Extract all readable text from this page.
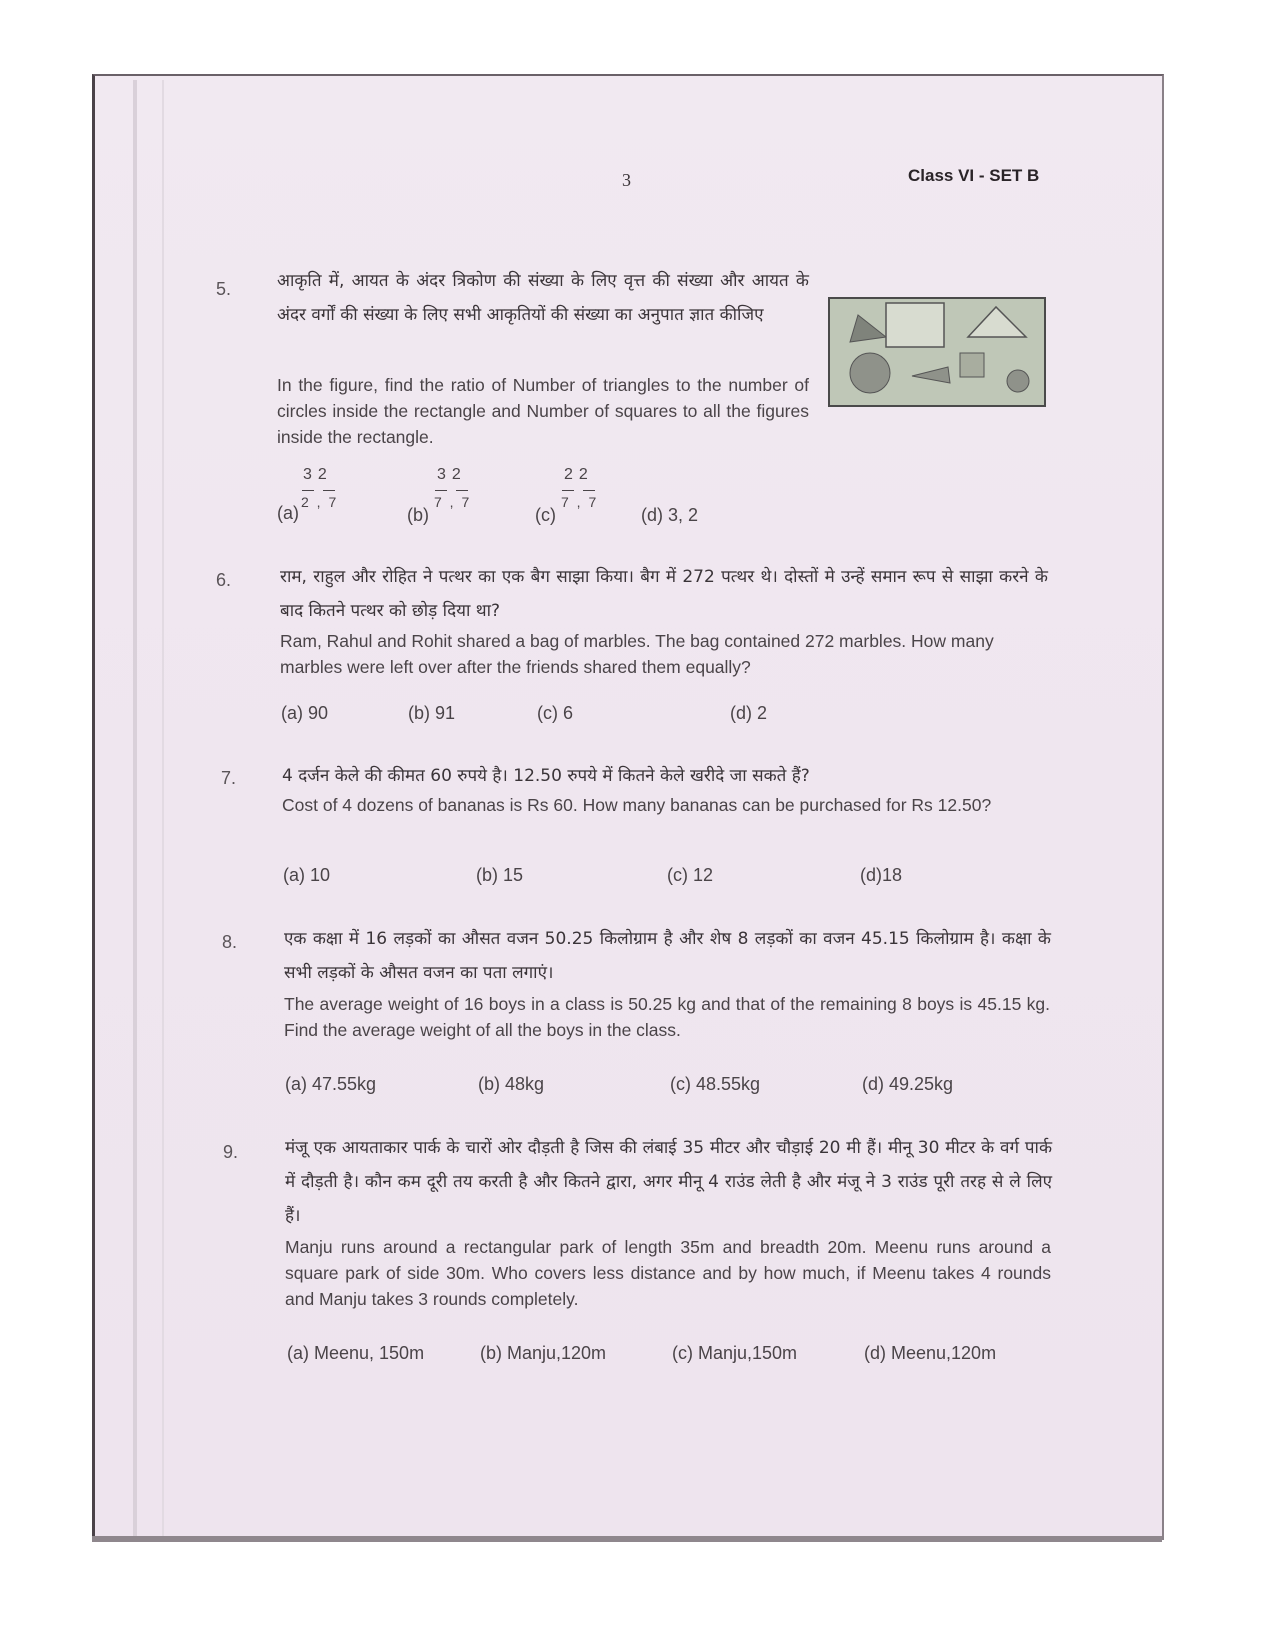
3	Class VI - SET B
5.	आकृति में, आयत के अंदर त्रिकोण की संख्या के लिए वृत्त की संख्या और आयत के अंदर वर्गों की संख्या के लिए सभी आकृतियों की संख्या का अनुपात ज्ञात कीजिए
In the figure, find the ratio of Number of triangles to the number of circles inside the rectangle and Number of squares to all the figures inside the rectangle.
(a)
32
2 , 7
(b)
32
7 , 7
(c)
22
7 , 7
(d) 3, 2
6.	राम, राहुल और रोहित ने पत्थर का एक बैग साझा किया। बैग में 272 पत्थर थे। दोस्तों मे उन्हें समान रूप से साझा करने के बाद कितने पत्थर को छोड़ दिया था?
Ram, Rahul and Rohit shared a bag of marbles. The bag contained 272 marbles. How many marbles were left over after the friends shared them equally?
(a) 90	(b) 91	(c) 6	(d) 2
7.	4 दर्जन केले की कीमत 60 रुपये है। 12.50 रुपये में कितने केले खरीदे जा सकते हैं?
Cost of 4 dozens of bananas is Rs 60. How many bananas can be purchased for Rs 12.50?
(a) 10	(b) 15	(c) 12	(d)18
8.	एक कक्षा में 16 लड़कों का औसत वजन 50.25 किलोग्राम है और शेष 8 लड़कों का वजन 45.15 किलोग्राम है। कक्षा के सभी लड़कों के औसत वजन का पता लगाएं।
The average weight of 16 boys in a class is 50.25 kg and that of the remaining 8 boys is 45.15 kg. Find the average weight of all the boys in the class.
(a) 47.55kg	(b) 48kg	(c) 48.55kg	(d) 49.25kg
9.	मंजू एक आयताकार पार्क के चारों ओर दौड़ती है जिस की लंबाई 35 मीटर और चौड़ाई 20 मी हैं। मीनू 30 मीटर के वर्ग पार्क में दौड़ती है। कौन कम दूरी तय करती है और कितने द्वारा, अगर मीनू 4 राउंड लेती है और मंजू ने 3 राउंड पूरी तरह से ले लिए हैं।
Manju runs around a rectangular park of length 35m and breadth 20m. Meenu runs around a square park of side 30m. Who covers less distance and by how much, if Meenu takes 4 rounds and Manju takes 3 rounds completely.
(a) Meenu, 150m	(b) Manju,120m	(c) Manju,150m	(d) Meenu,120m
